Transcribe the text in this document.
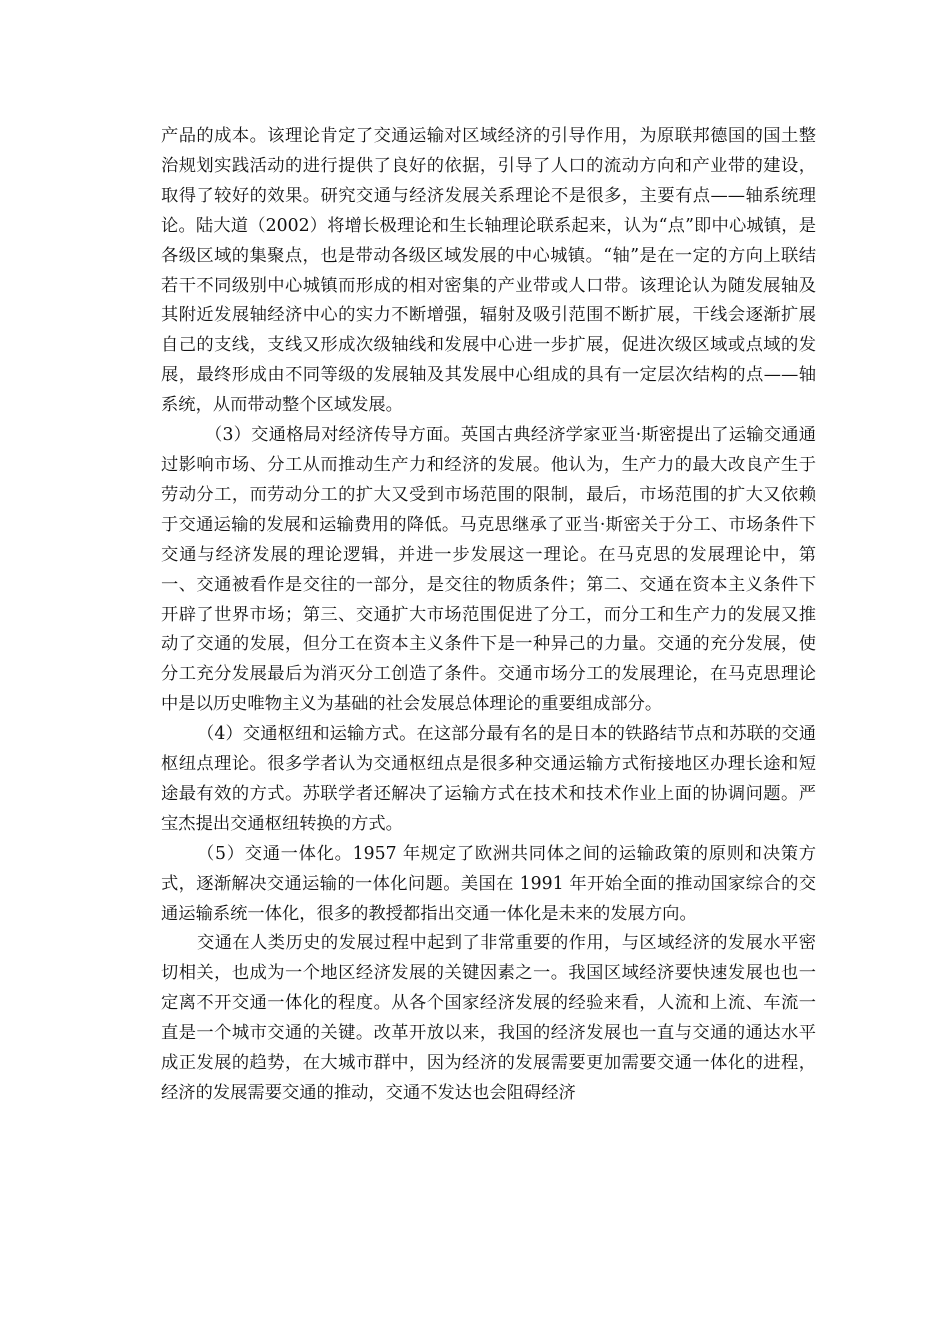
产品的成本。该理论肯定了交通运输对区域经济的引导作用，为原联邦德国的国土整治规划实践活动的进行提供了良好的依据，引导了人口的流动方向和产业带的建设，取得了较好的效果。研究交通与经济发展关系理论不是很多，主要有点——轴系统理论。陆大道（2002）将增长极理论和生长轴理论联系起来，认为“点”即中心城镇，是各级区域的集聚点，也是带动各级区域发展的中心城镇。“轴”是在一定的方向上联结若干不同级别中心城镇而形成的相对密集的产业带或人口带。该理论认为随发展轴及其附近发展轴经济中心的实力不断增强，辐射及吸引范围不断扩展，干线会逐渐扩展自己的支线，支线又形成次级轴线和发展中心进一步扩展，促进次级区域或点域的发展，最终形成由不同等级的发展轴及其发展中心组成的具有一定层次结构的点——轴系统，从而带动整个区域发展。

（3）交通格局对经济传导方面。英国古典经济学家亚当·斯密提出了运输交通通过影响市场、分工从而推动生产力和经济的发展。他认为，生产力的最大改良产生于劳动分工，而劳动分工的扩大又受到市场范围的限制，最后，市场范围的扩大又依赖于交通运输的发展和运输费用的降低。马克思继承了亚当·斯密关于分工、市场条件下交通与经济发展的理论逻辑，并进一步发展这一理论。在马克思的发展理论中，第一、交通被看作是交往的一部分，是交往的物质条件；第二、交通在资本主义条件下开辟了世界市场；第三、交通扩大市场范围促进了分工，而分工和生产力的发展又推动了交通的发展，但分工在资本主义条件下是一种异己的力量。交通的充分发展，使分工充分发展最后为消灭分工创造了条件。交通市场分工的发展理论，在马克思理论中是以历史唯物主义为基础的社会发展总体理论的重要组成部分。

（4）交通枢纽和运输方式。在这部分最有名的是日本的铁路结节点和苏联的交通枢纽点理论。很多学者认为交通枢纽点是很多种交通运输方式衔接地区办理长途和短途最有效的方式。苏联学者还解决了运输方式在技术和技术作业上面的协调问题。严宝杰提出交通枢纽转换的方式。

（5）交通一体化。1957 年规定了欧洲共同体之间的运输政策的原则和决策方式，逐渐解决交通运输的一体化问题。美国在 1991 年开始全面的推动国家综合的交通运输系统一体化，很多的教授都指出交通一体化是未来的发展方向。

交通在人类历史的发展过程中起到了非常重要的作用，与区域经济的发展水平密切相关，也成为一个地区经济发展的关键因素之一。我国区域经济要快速发展也也一定离不开交通一体化的程度。从各个国家经济发展的经验来看，人流和上流、车流一直是一个城市交通的关键。改革开放以来，我国的经济发展也一直与交通的通达水平成正发展的趋势，在大城市群中，因为经济的发展需要更加需要交通一体化的进程，经济的发展需要交通的推动，交通不发达也会阻碍经济
